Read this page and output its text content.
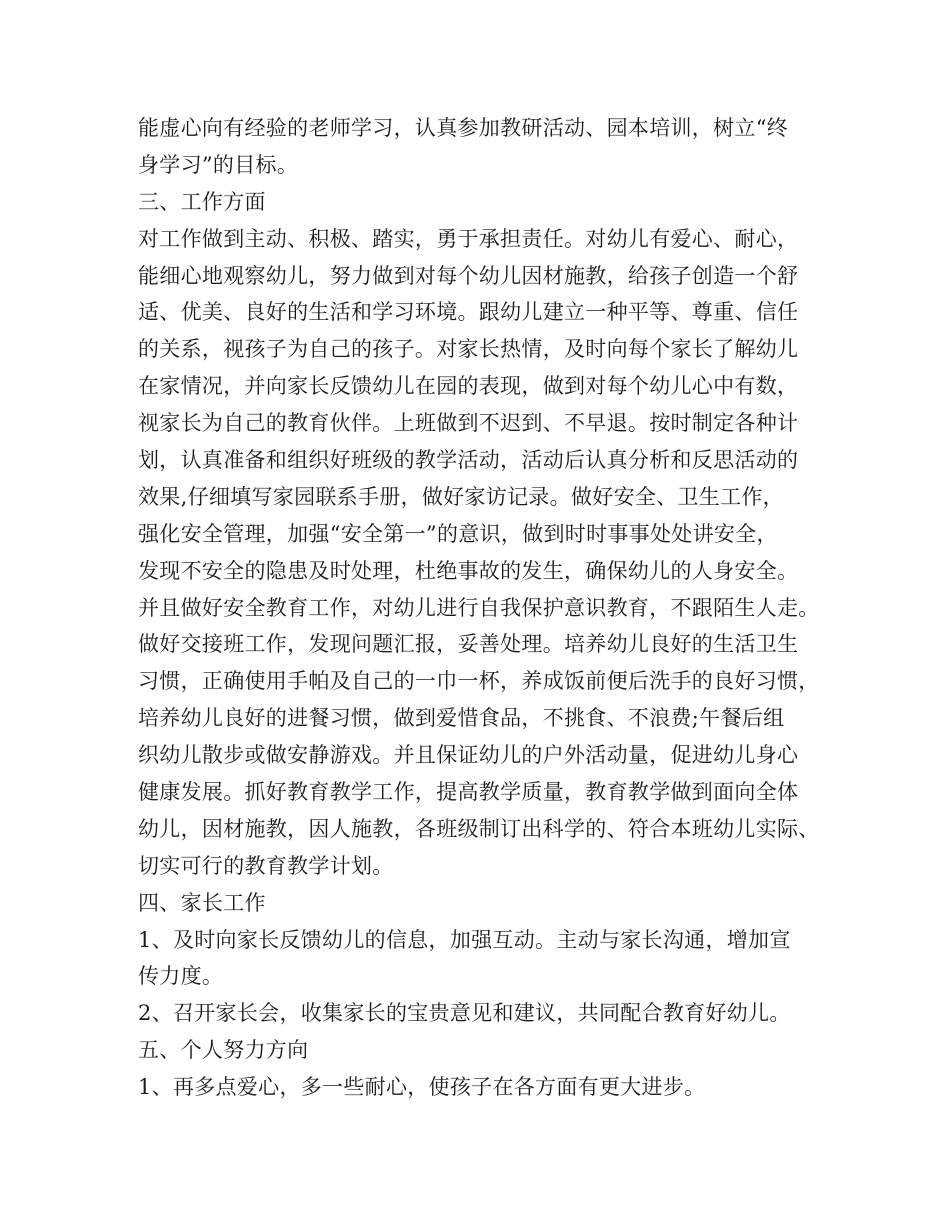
能虚心向有经验的老师学习，认真参加教研活动、园本培训，树立“终
身学习”的目标。
三、工作方面
对工作做到主动、积极、踏实，勇于承担责任。对幼儿有爱心、耐心，
能细心地观察幼儿，努力做到对每个幼儿因材施教，给孩子创造一个舒
适、优美、良好的生活和学习环境。跟幼儿建立一种平等、尊重、信任
的关系，视孩子为自己的孩子。对家长热情，及时向每个家长了解幼儿
在家情况，并向家长反馈幼儿在园的表现，做到对每个幼儿心中有数，
视家长为自己的教育伙伴。上班做到不迟到、不早退。按时制定各种计
划，认真准备和组织好班级的教学活动，活动后认真分析和反思活动的
效果,仔细填写家园联系手册，做好家访记录。做好安全、卫生工作，
强化安全管理，加强“安全第一”的意识，做到时时事事处处讲安全，
发现不安全的隐患及时处理，杜绝事故的发生，确保幼儿的人身安全。
并且做好安全教育工作，对幼儿进行自我保护意识教育，不跟陌生人走。
做好交接班工作，发现问题汇报，妥善处理。培养幼儿良好的生活卫生
习惯，正确使用手帕及自己的一巾一杯，养成饭前便后洗手的良好习惯，
培养幼儿良好的进餐习惯，做到爱惜食品，不挑食、不浪费;午餐后组
织幼儿散步或做安静游戏。并且保证幼儿的户外活动量，促进幼儿身心
健康发展。抓好教育教学工作，提高教学质量，教育教学做到面向全体
幼儿，因材施教，因人施教，各班级制订出科学的、符合本班幼儿实际、
切实可行的教育教学计划。
四、家长工作
1、及时向家长反馈幼儿的信息，加强互动。主动与家长沟通，增加宣
传力度。
2、召开家长会，收集家长的宝贵意见和建议，共同配合教育好幼儿。
五、个人努力方向
1、再多点爱心，多一些耐心，使孩子在各方面有更大进步。
